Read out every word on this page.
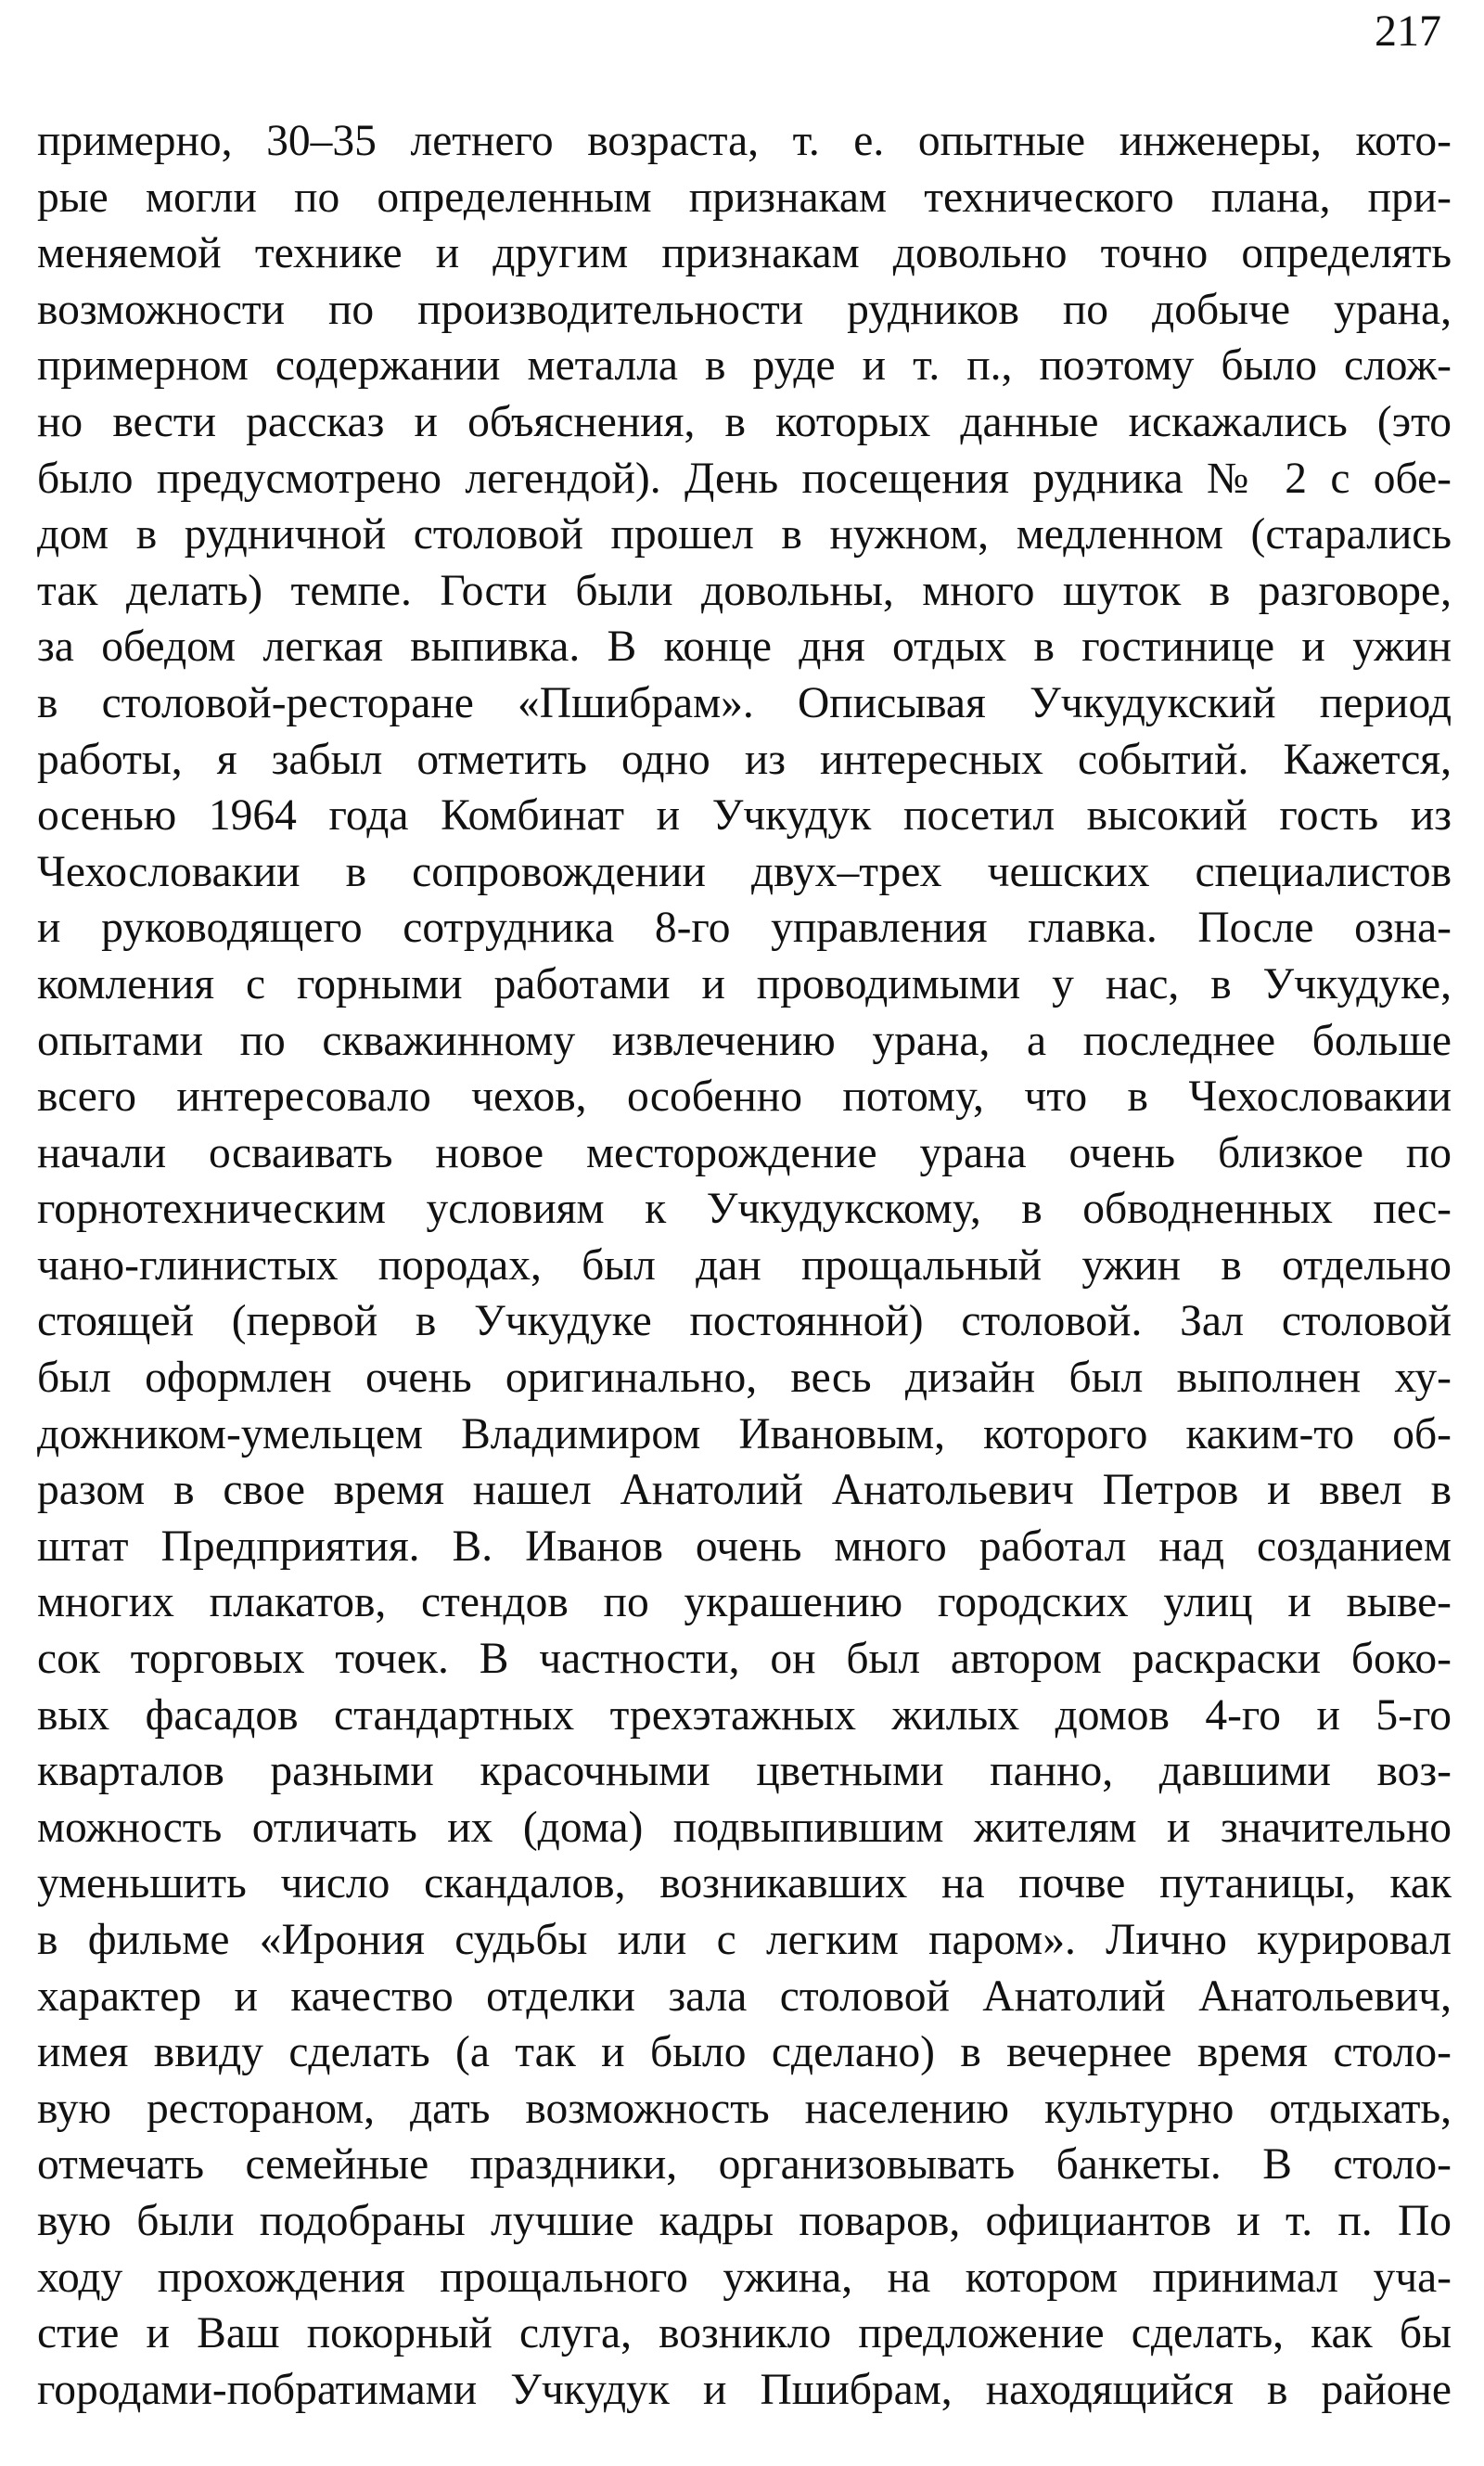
217
примерно, 30–35 летнего возраста, т. е. опытные инженеры, кото-
рые могли по определенным признакам технического плана, при-
меняемой технике и другим признакам довольно точно определять
возможности по производительности рудников по добыче урана,
примерном содержании металла в руде и т. п., поэтому было слож-
но вести рассказ и объяснения, в которых данные искажались (это
было предусмотрено легендой). День посещения рудника № 2 с обе-
дом в рудничной столовой прошел в нужном, медленном (старались
так делать) темпе. Гости были довольны, много шуток в разговоре,
за обедом легкая выпивка. В конце дня отдых в гостинице и ужин
в столовой-ресторане «Пшибрам». Описывая Учкудукский период
работы, я забыл отметить одно из интересных событий. Кажется,
осенью 1964 года Комбинат и Учкудук посетил высокий гость из
Чехословакии в сопровождении двух–трех чешских специалистов
и руководящего сотрудника 8-го управления главка. После озна-
комления с горными работами и проводимыми у нас, в Учкудуке,
опытами по скважинному извлечению урана, а последнее больше
всего интересовало чехов, особенно потому, что в Чехословакии
начали осваивать новое месторождение урана очень близкое по
горнотехническим условиям к Учкудукскому, в обводненных пес-
чано-глинистых породах, был дан прощальный ужин в отдельно
стоящей (первой в Учкудуке постоянной) столовой. Зал столовой
был оформлен очень оригинально, весь дизайн был выполнен ху-
дожником-умельцем Владимиром Ивановым, которого каким-то об-
разом в свое время нашел Анатолий Анатольевич Петров и ввел в
штат Предприятия. В. Иванов очень много работал над созданием
многих плакатов, стендов по украшению городских улиц и выве-
сок торговых точек. В частности, он был автором раскраски боко-
вых фасадов стандартных трехэтажных жилых домов 4-го и 5-го
кварталов разными красочными цветными панно, давшими воз-
можность отличать их (дома) подвыпившим жителям и значительно
уменьшить число скандалов, возникавших на почве путаницы, как
в фильме «Ирония судьбы или с легким паром». Лично курировал
характер и качество отделки зала столовой Анатолий Анатольевич,
имея ввиду сделать (а так и было сделано) в вечернее время столо-
вую рестораном, дать возможность населению культурно отдыхать,
отмечать семейные праздники, организовывать банкеты. В столо-
вую были подобраны лучшие кадры поваров, официантов и т. п. По
ходу прохождения прощального ужина, на котором принимал уча-
стие и Ваш покорный слуга, возникло предложение сделать, как бы
городами-побратимами Учкудук и Пшибрам, находящийся в районе
